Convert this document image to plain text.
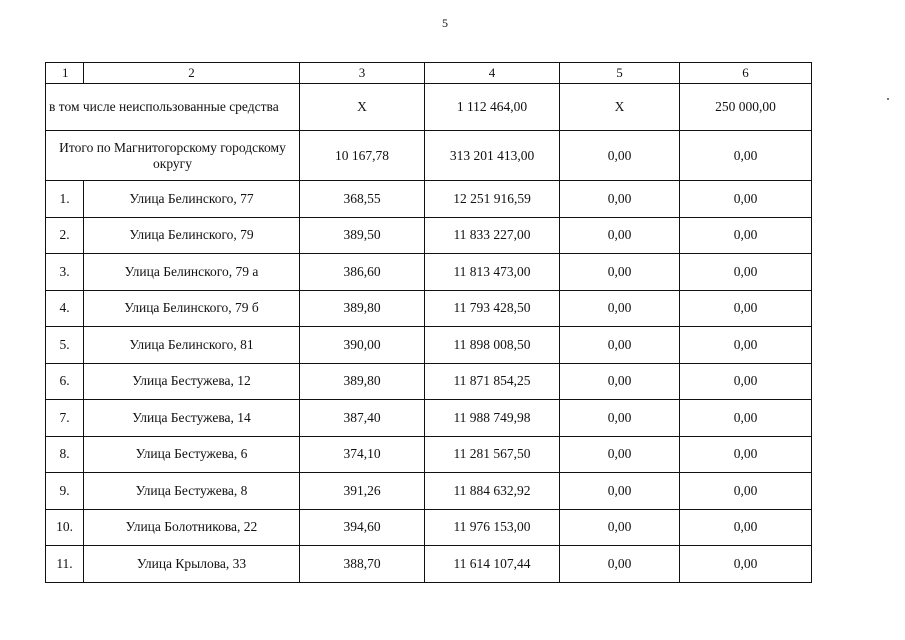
5
1	2	3	4	5	6
в том числе неиспользованные средства		Х	1 112 464,00	Х	250 000,00
Итого по Магнитогорскому городскому округу		10 167,78	313 201 413,00	0,00	0,00
1.	Улица Белинского, 77	368,55	12 251 916,59	0,00	0,00
2.	Улица Белинского, 79	389,50	11 833 227,00	0,00	0,00
3.	Улица Белинского, 79 а	386,60	11 813 473,00	0,00	0,00
4.	Улица Белинского, 79 б	389,80	11 793 428,50	0,00	0,00
5.	Улица Белинского, 81	390,00	11 898 008,50	0,00	0,00
6.	Улица Бестужева, 12	389,80	11 871 854,25	0,00	0,00
7.	Улица Бестужева, 14	387,40	11 988 749,98	0,00	0,00
8.	Улица Бестужева, 6	374,10	11 281 567,50	0,00	0,00
9.	Улица Бестужева, 8	391,26	11 884 632,92	0,00	0,00
10.	Улица Болотникова, 22	394,60	11 976 153,00	0,00	0,00
11.	Улица Крылова, 33	388,70	11 614 107,44	0,00	0,00
